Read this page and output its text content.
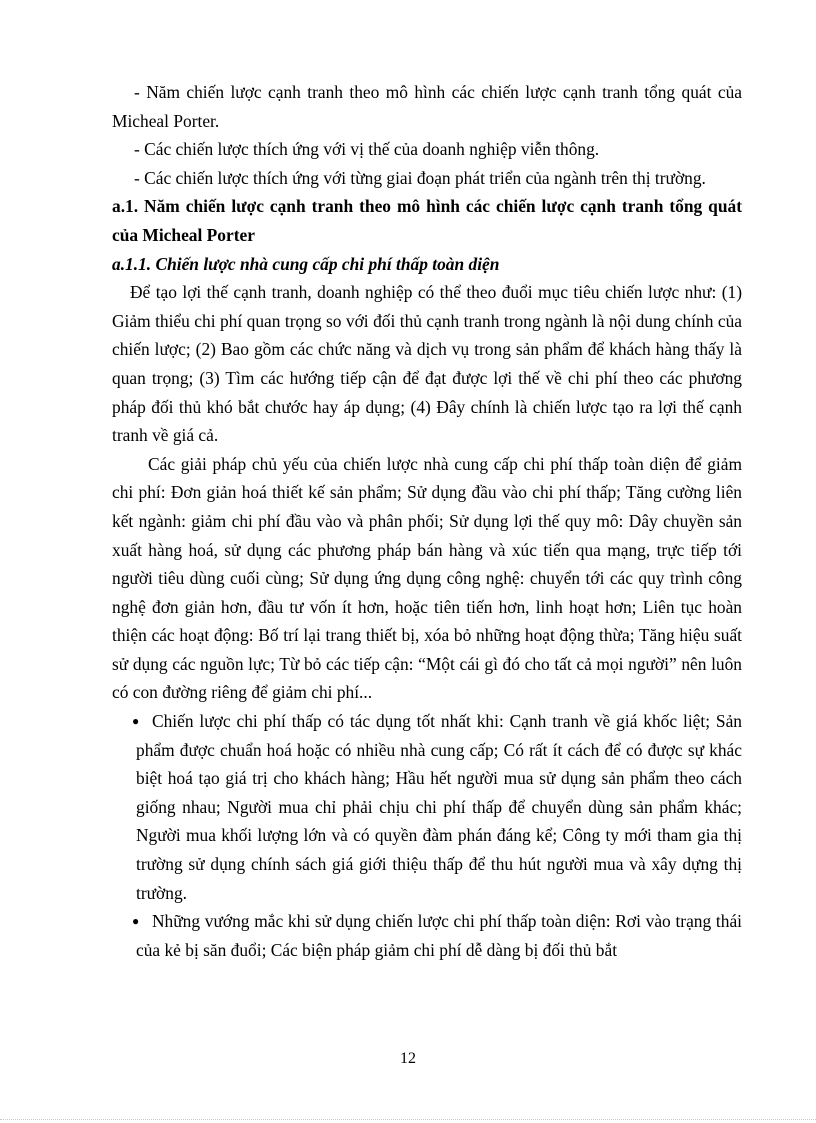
- Năm chiến lược cạnh tranh theo mô hình các chiến lược cạnh tranh tổng quát của Micheal Porter.

- Các chiến lược thích ứng với vị thế của doanh nghiệp viễn thông.

- Các chiến lược thích ứng với từng giai đoạn phát triển của ngành trên thị trường.

a.1. Năm chiến lược cạnh tranh theo mô hình các chiến lược cạnh tranh tổng quát của Micheal Porter

a.1.1. Chiến lược nhà cung cấp chi phí thấp toàn diện

Để tạo lợi thế cạnh tranh, doanh nghiệp có thể theo đuổi mục tiêu chiến lược như: (1) Giảm thiểu chi phí quan trọng so với đối thủ cạnh tranh trong ngành là nội dung chính của chiến lược; (2) Bao gồm các chức năng và dịch vụ trong sản phẩm để khách hàng thấy là quan trọng; (3) Tìm các hướng tiếp cận để đạt được lợi thế về chi phí theo các phương pháp đối thủ khó bắt chước hay áp dụng; (4) Đây chính là chiến lược tạo ra lợi thế cạnh tranh về giá cả.

Các giải pháp chủ yếu của chiến lược nhà cung cấp chi phí thấp toàn diện để giảm chi phí: Đơn giản hoá thiết kế sản phẩm; Sử dụng đầu vào chi phí thấp; Tăng cường liên kết ngành: giảm chi phí đầu vào và phân phối; Sử dụng lợi thế quy mô: Dây chuyền sản xuất hàng hoá, sử dụng các phương pháp bán hàng và xúc tiến qua mạng, trực tiếp tới người tiêu dùng cuối cùng; Sử dụng ứng dụng công nghệ: chuyển tới các quy trình công nghệ đơn giản hơn, đầu tư vốn ít hơn, hoặc tiên tiến hơn, linh hoạt hơn; Liên tục hoàn thiện các hoạt động: Bố trí lại trang thiết bị, xóa bỏ những hoạt động thừa; Tăng hiệu suất sử dụng các nguồn lực; Từ bỏ các tiếp cận: “Một cái gì đó cho tất cả mọi người” nên luôn có con đường riêng để giảm chi phí...

● Chiến lược chi phí thấp có tác dụng tốt nhất khi: Cạnh tranh về giá khốc liệt; Sản phẩm được chuẩn hoá hoặc có nhiều nhà cung cấp; Có rất ít cách để có được sự khác biệt hoá tạo giá trị cho khách hàng; Hầu hết người mua sử dụng sản phẩm theo cách giống nhau; Người mua chỉ phải chịu chi phí thấp để chuyển dùng sản phẩm khác; Người mua khối lượng lớn và có quyền đàm phán đáng kể; Công ty mới tham gia thị trường sử dụng chính sách giá giới thiệu thấp để thu hút người mua và xây dựng thị trường.

● Những vướng mắc khi sử dụng chiến lược chi phí thấp toàn diện: Rơi vào trạng thái của kẻ bị săn đuổi; Các biện pháp giảm chi phí dễ dàng bị đối thủ bắt

12
